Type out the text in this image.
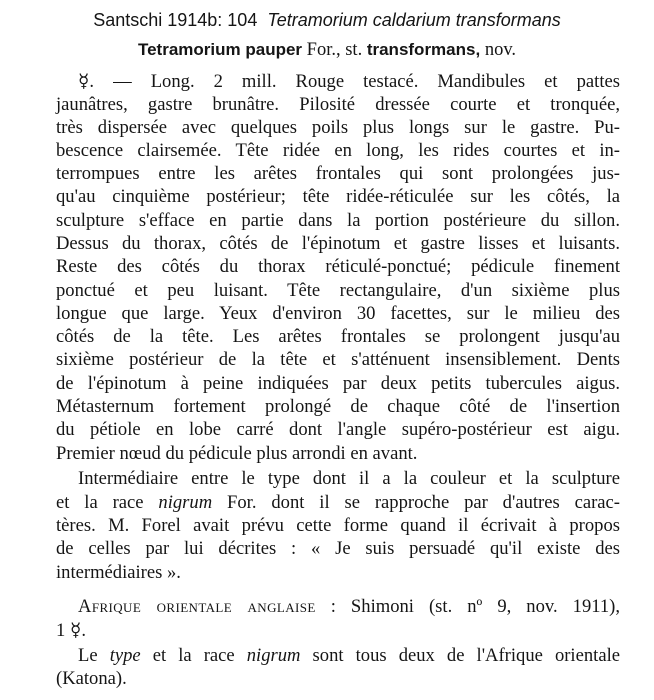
Santschi 1914b: 104 Tetramorium caldarium transformans
Tetramorium pauper For., st. transformans, nov.
☿. — Long. 2 mill. Rouge testacé. Mandibules et pattes
jaunâtres, gastre brunâtre. Pilosité dressée courte et tronquée,
très dispersée avec quelques poils plus longs sur le gastre. Pu-
bescence clairsemée. Tête ridée en long, les rides courtes et in-
terrompues entre les arêtes frontales qui sont prolongées jus-
qu'au cinquième postérieur; tête ridée-réticulée sur les côtés, la
sculpture s'efface en partie dans la portion postérieure du sillon.
Dessus du thorax, côtés de l'épinotum et gastre lisses et luisants.
Reste des côtés du thorax réticulé-ponctué; pédicule finement
ponctué et peu luisant. Tête rectangulaire, d'un sixième plus
longue que large. Yeux d'environ 30 facettes, sur le milieu des
côtés de la tête. Les arêtes frontales se prolongent jusqu'au
sixième postérieur de la tête et s'atténuent insensiblement. Dents
de l'épinotum à peine indiquées par deux petits tubercules aigus.
Métasternum fortement prolongé de chaque côté de l'insertion
du pétiole en lobe carré dont l'angle supéro-postérieur est aigu.
Premier nœud du pédicule plus arrondi en avant.
Intermédiaire entre le type dont il a la couleur et la sculpture
et la race nigrum For. dont il se rapproche par d'autres carac-
tères. M. Forel avait prévu cette forme quand il écrivait à propos
de celles par lui décrites : « Je suis persuadé qu'il existe des
intermédiaires ».
Afrique orientale anglaise : Shimoni (st. nº 9, nov. 1911),
1 ☿.
Le type et la race nigrum sont tous deux de l'Afrique orientale
(Katona).
